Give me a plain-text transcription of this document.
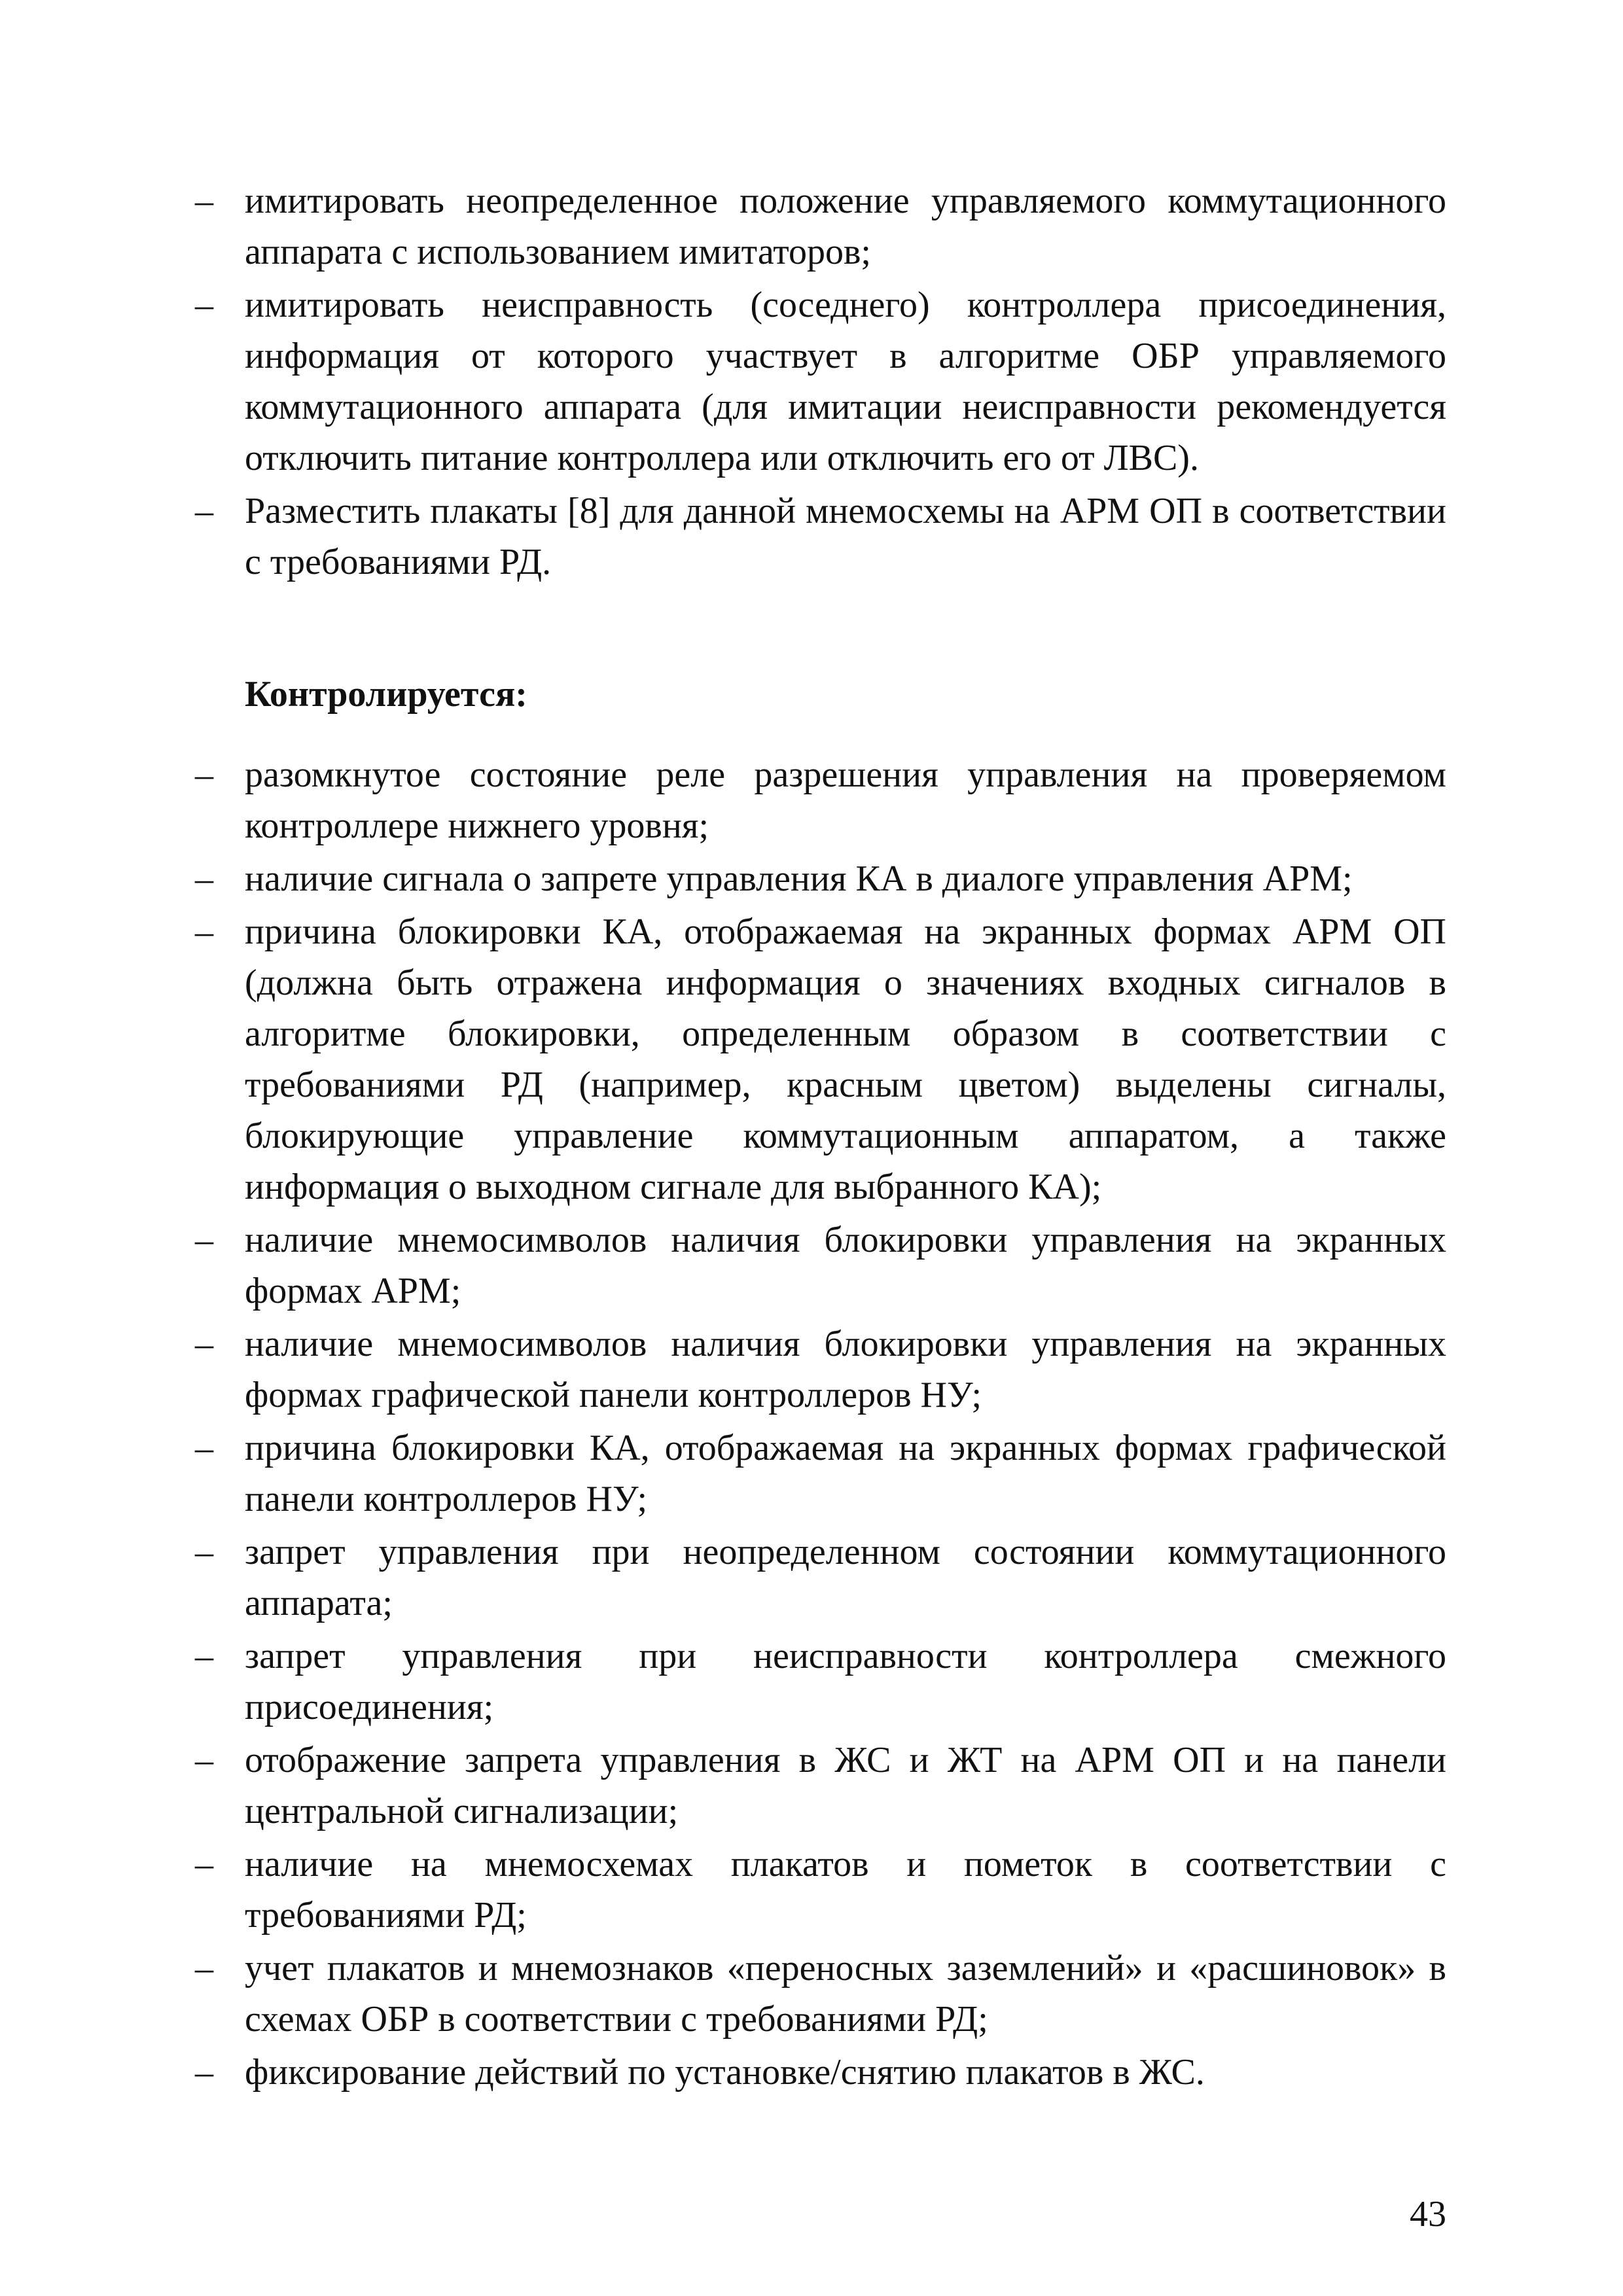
– имитировать неопределенное положение управляемого коммутационного аппарата с использованием имитаторов;
– имитировать неисправность (соседнего) контроллера присоединения, информация от которого участвует в алгоритме ОБР управляемого коммутационного аппарата (для имитации неисправности рекомендуется отключить питание контроллера или отключить его от ЛВС).
– Разместить плакаты [8] для данной мнемосхемы на АРМ ОП в соответствии с требованиями РД.

Контролируется:

– разомкнутое состояние реле разрешения управления на проверяемом контроллере нижнего уровня;
– наличие сигнала о запрете управления КА в диалоге управления АРМ;
– причина блокировки КА, отображаемая на экранных формах АРМ ОП (должна быть отражена информация о значениях входных сигналов в алгоритме блокировки, определенным образом в соответствии с требованиями РД (например, красным цветом) выделены сигналы, блокирующие управление коммутационным аппаратом, а также информация о выходном сигнале для выбранного КА);
– наличие мнемосимволов наличия блокировки управления на экранных формах АРМ;
– наличие мнемосимволов наличия блокировки управления на экранных формах графической панели контроллеров НУ;
– причина блокировки КА, отображаемая на экранных формах графической панели контроллеров НУ;
– запрет управления при неопределенном состоянии коммутационного аппарата;
– запрет управления при неисправности контроллера смежного присоединения;
– отображение запрета управления в ЖС и ЖТ на АРМ ОП и на панели центральной сигнализации;
– наличие на мнемосхемах плакатов и пометок в соответствии с требованиями РД;
– учет плакатов и мнемознаков «переносных заземлений» и «расшиновок» в схемах ОБР в соответствии с требованиями РД;
– фиксирование действий по установке/снятию плакатов в ЖС.
43
